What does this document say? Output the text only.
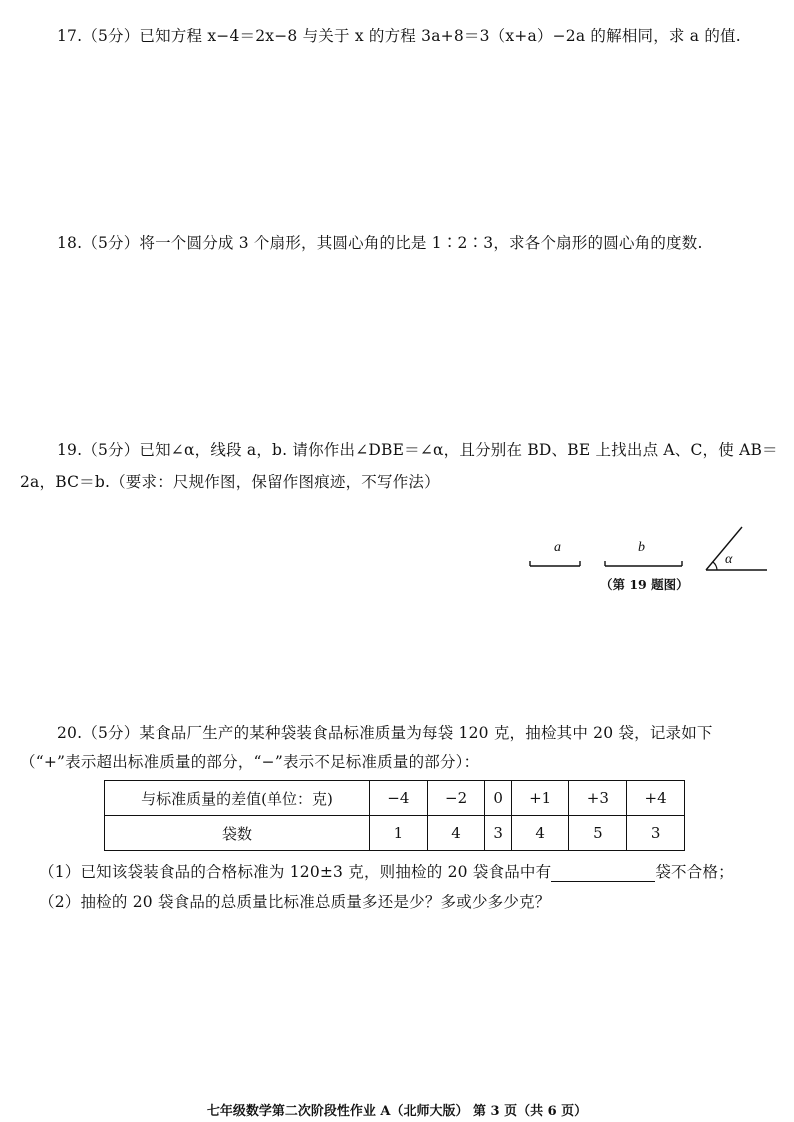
17.（5分）已知方程 x−4＝2x−8 与关于 x 的方程 3a+8＝3（x+a）−2a 的解相同，求 a 的值.
18.（5分）将一个圆分成 3 个扇形，其圆心角的比是 1∶2∶3，求各个扇形的圆心角的度数.
19.（5分）已知∠α，线段 a，b. 请你作出∠DBE＝∠α，且分别在 BD、BE 上找出点 A、C，使 AB＝
2a，BC＝b.（要求：尺规作图，保留作图痕迹，不写作法）
a	b
α
（第 19 题图）
20.（5分）某食品厂生产的某种袋装食品标准质量为每袋 120 克，抽检其中 20 袋，记录如下
（“+”表示超出标准质量的部分，“−”表示不足标准质量的部分）：
与标准质量的差值(单位：克)	−4	−2	0	+1	+3	+4
袋数	1	4	3	4	5	3
（1）已知该袋装食品的合格标准为 120±3 克，则抽检的 20 袋食品中有	袋不合格；
（2）抽检的 20 袋食品的总质量比标准总质量多还是少？多或少多少克？
七年级数学第二次阶段性作业 A（北师大版） 第 3 页（共 6 页）
